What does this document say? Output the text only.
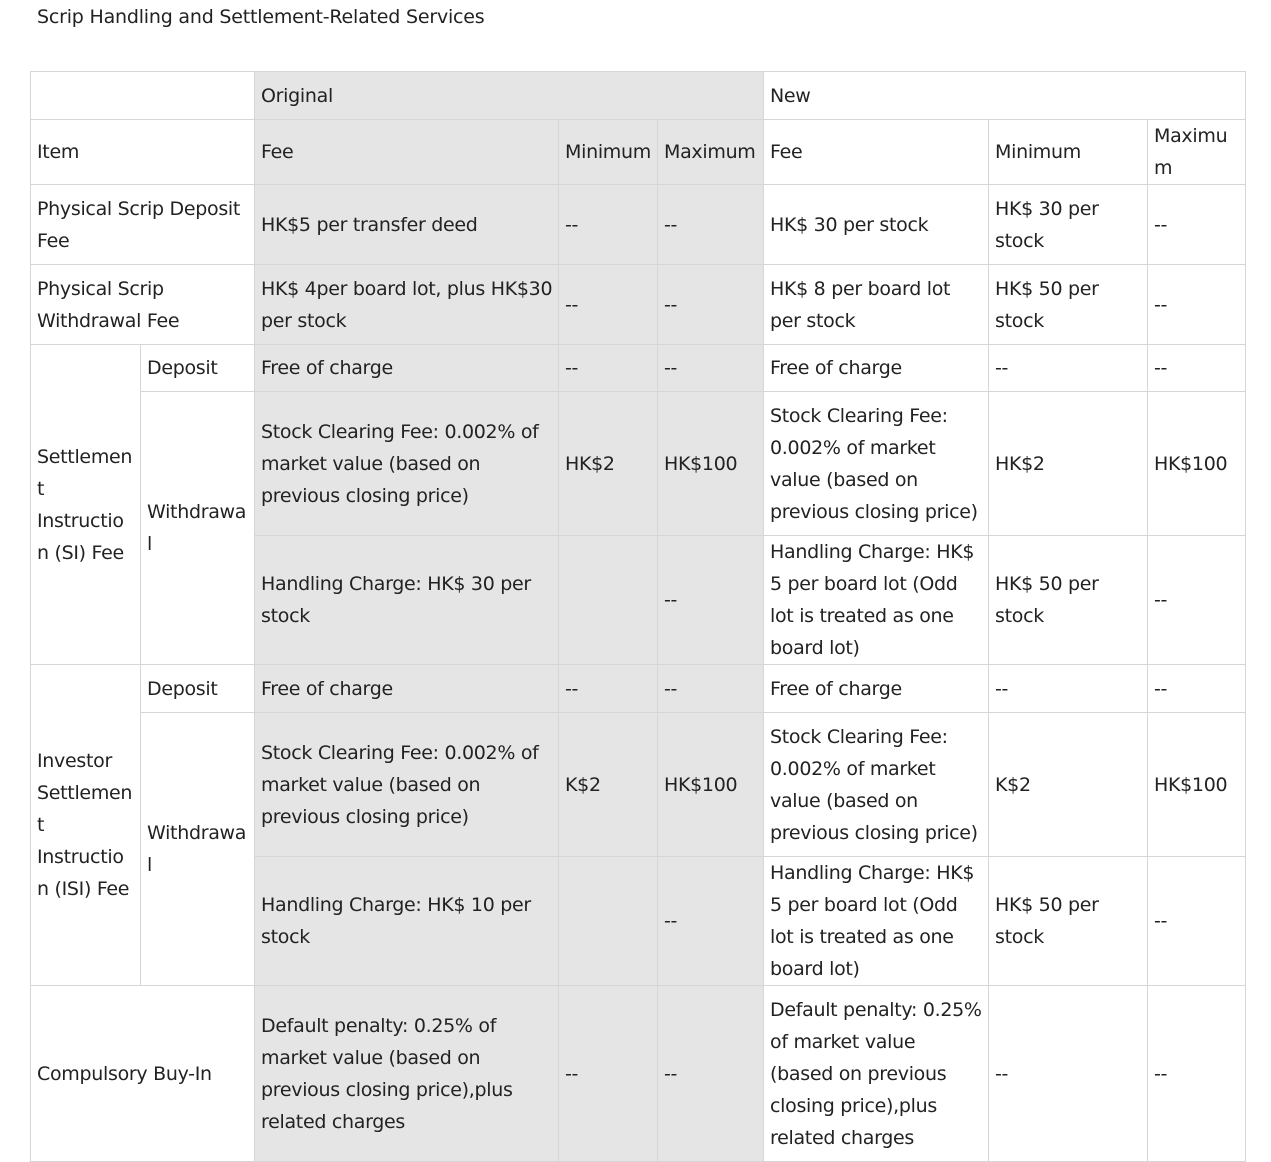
Scrip Handling and Settlement-Related Services
		Original			New		
Item		Fee	Minimum	Maximum	Fee	Minimum	Maximum
Physical Scrip Deposit Fee		HK$5 per transfer deed	--	--	HK$ 30 per stock	HK$ 30 per stock	--
Physical Scrip Withdrawal Fee		HK$ 4per board lot, plus HK$30 per stock	--	--	HK$ 8 per board lot per stock	HK$ 50 per stock	--
Settlement Instruction (SI) Fee	Deposit	Free of charge	--	--	Free of charge	--	--
	Withdrawal	Stock Clearing Fee: 0.002% of market value (based on previous closing price)	HK$2	HK$100	Stock Clearing Fee: 0.002% of market value (based on previous closing price)	HK$2	HK$100
		Handling Charge: HK$ 30 per stock		--	Handling Charge: HK$ 5 per board lot (Odd lot is treated as one board lot)	HK$ 50 per stock	--
Investor Settlement Instruction (ISI) Fee	Deposit	Free of charge	--	--	Free of charge	--	--
	Withdrawal	Stock Clearing Fee: 0.002% of market value (based on previous closing price)	K$2	HK$100	Stock Clearing Fee: 0.002% of market value (based on previous closing price)	K$2	HK$100
		Handling Charge: HK$ 10 per stock		--	Handling Charge: HK$ 5 per board lot (Odd lot is treated as one board lot)	HK$ 50 per stock	--
Compulsory Buy-In		Default penalty: 0.25% of market value (based on previous closing price),plus related charges	--	--	Default penalty: 0.25% of market value (based on previous closing price),plus related charges	--	--
